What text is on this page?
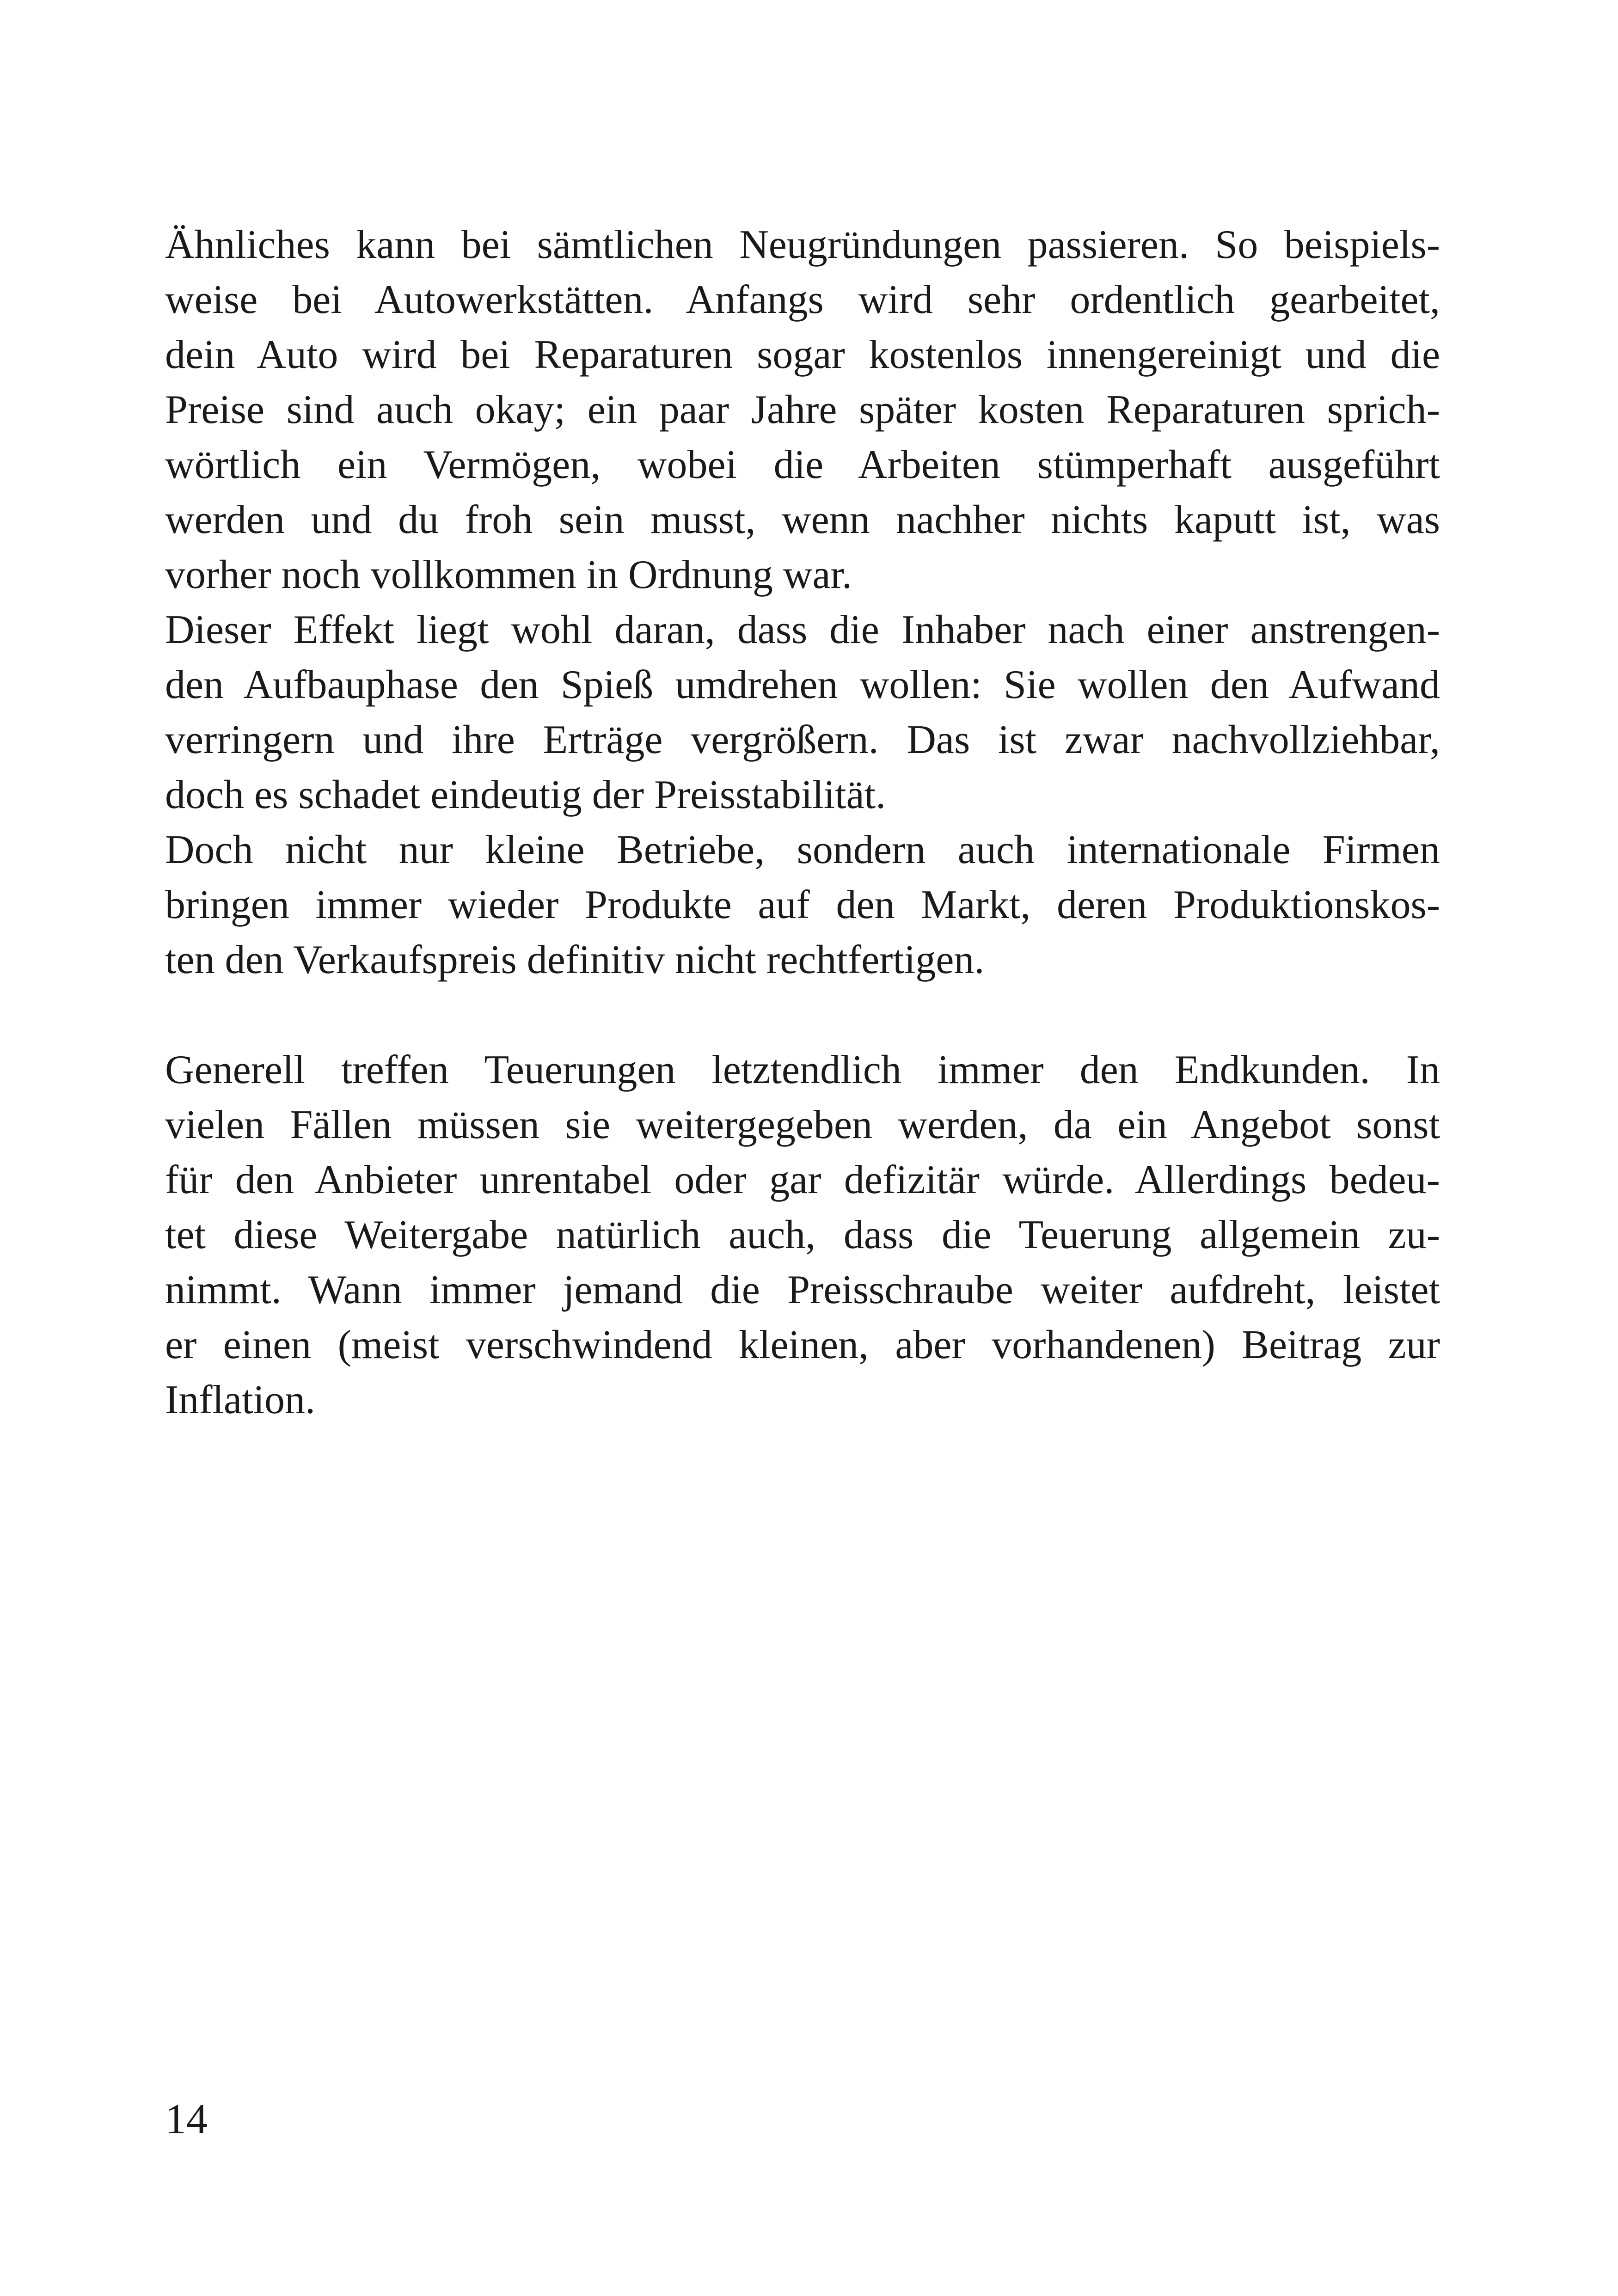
Ähnliches kann bei sämtlichen Neugründungen passieren. So beispiels-
weise bei Autowerkstätten. Anfangs wird sehr ordentlich gearbeitet,
dein Auto wird bei Reparaturen sogar kostenlos innengereinigt und die
Preise sind auch okay; ein paar Jahre später kosten Reparaturen sprich-
wörtlich ein Vermögen, wobei die Arbeiten stümperhaft ausgeführt
werden und du froh sein musst, wenn nachher nichts kaputt ist, was
vorher noch vollkommen in Ordnung war.
Dieser Effekt liegt wohl daran, dass die Inhaber nach einer anstrengen-
den Aufbauphase den Spieß umdrehen wollen: Sie wollen den Aufwand
verringern und ihre Erträge vergrößern. Das ist zwar nachvollziehbar,
doch es schadet eindeutig der Preisstabilität.
Doch nicht nur kleine Betriebe, sondern auch internationale Firmen
bringen immer wieder Produkte auf den Markt, deren Produktionskos-
ten den Verkaufspreis definitiv nicht rechtfertigen.
Generell treffen Teuerungen letztendlich immer den Endkunden. In
vielen Fällen müssen sie weitergegeben werden, da ein Angebot sonst
für den Anbieter unrentabel oder gar defizitär würde. Allerdings bedeu-
tet diese Weitergabe natürlich auch, dass die Teuerung allgemein zu-
nimmt. Wann immer jemand die Preisschraube weiter aufdreht, leistet
er einen (meist verschwindend kleinen, aber vorhandenen) Beitrag zur
Inflation.
14
